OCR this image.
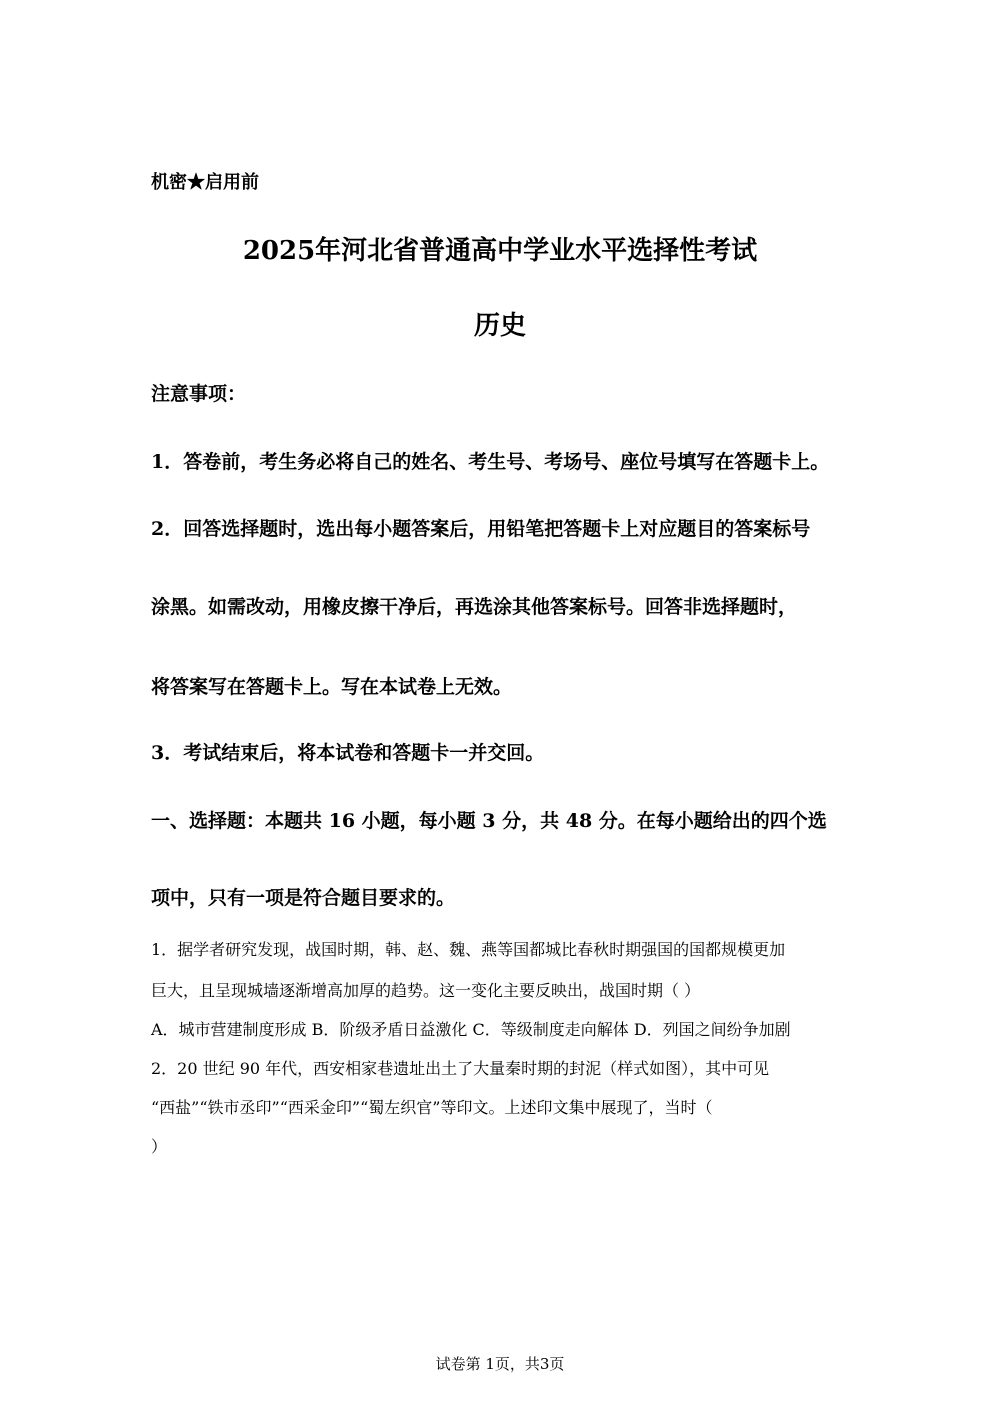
机密★启用前
2025年河北省普通高中学业水平选择性考试
历史
注意事项：
1．答卷前，考生务必将自己的姓名、考生号、考场号、座位号填写在答题卡上。
2．回答选择题时，选出每小题答案后，用铅笔把答题卡上对应题目的答案标号
涂黑。如需改动，用橡皮擦干净后，再选涂其他答案标号。回答非选择题时，
将答案写在答题卡上。写在本试卷上无效。
3．考试结束后，将本试卷和答题卡一并交回。
一、选择题：本题共 16 小题，每小题 3 分，共 48 分。在每小题给出的四个选
项中，只有一项是符合题目要求的。
1．据学者研究发现，战国时期，韩、赵、魏、燕等国都城比春秋时期强国的国都规模更加
巨大，且呈现城墙逐渐增高加厚的趋势。这一变化主要反映出，战国时期（ ）
A．城市营建制度形成 B．阶级矛盾日益激化 C．等级制度走向解体 D．列国之间纷争加剧
2．20 世纪 90 年代，西安相家巷遗址出土了大量秦时期的封泥（样式如图），其中可见
“西盐”“铁市丞印”“西采金印”“蜀左织官”等印文。上述印文集中展现了，当时（
）
试卷第 1页，共3页
